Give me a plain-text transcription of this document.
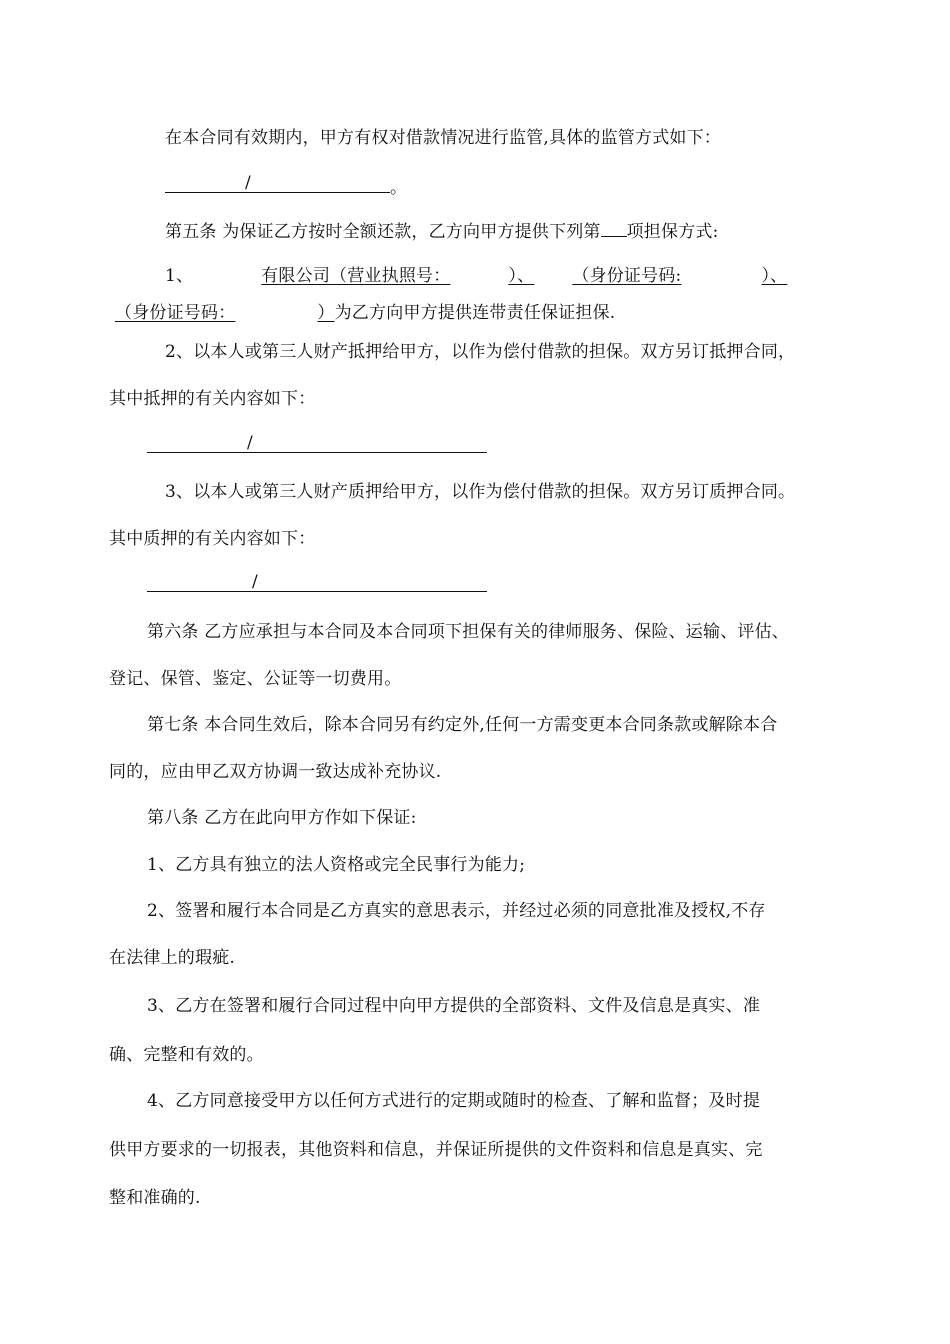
在本合同有效期内，甲方有权对借款情况进行监管,具体的监管方式如下：
/	。
第五条 为保证乙方按时全额还款，乙方向甲方提供下列第 项担保方式:
1、	有限公司（营业执照号：	）、 （身份证号码:	）、
（身份证号码：	）为乙方向甲方提供连带责任保证担保.
2、以本人或第三人财产抵押给甲方，以作为偿付借款的担保。双方另订抵押合同，
其中抵押的有关内容如下：
/
3、以本人或第三人财产质押给甲方，以作为偿付借款的担保。双方另订质押合同。
其中质押的有关内容如下：
/
第六条 乙方应承担与本合同及本合同项下担保有关的律师服务、保险、运输、评估、
登记、保管、鉴定、公证等一切费用。
第七条 本合同生效后，除本合同另有约定外,任何一方需变更本合同条款或解除本合
同的，应由甲乙双方协调一致达成补充协议.
第八条 乙方在此向甲方作如下保证:
1、乙方具有独立的法人资格或完全民事行为能力;
2、签署和履行本合同是乙方真实的意思表示，并经过必须的同意批准及授权,不存
在法律上的瑕疵.
3、乙方在签署和履行合同过程中向甲方提供的全部资料、文件及信息是真实、准
确、完整和有效的。
4、乙方同意接受甲方以任何方式进行的定期或随时的检查、了解和监督；及时提
供甲方要求的一切报表，其他资料和信息，并保证所提供的文件资料和信息是真实、完
整和准确的.
